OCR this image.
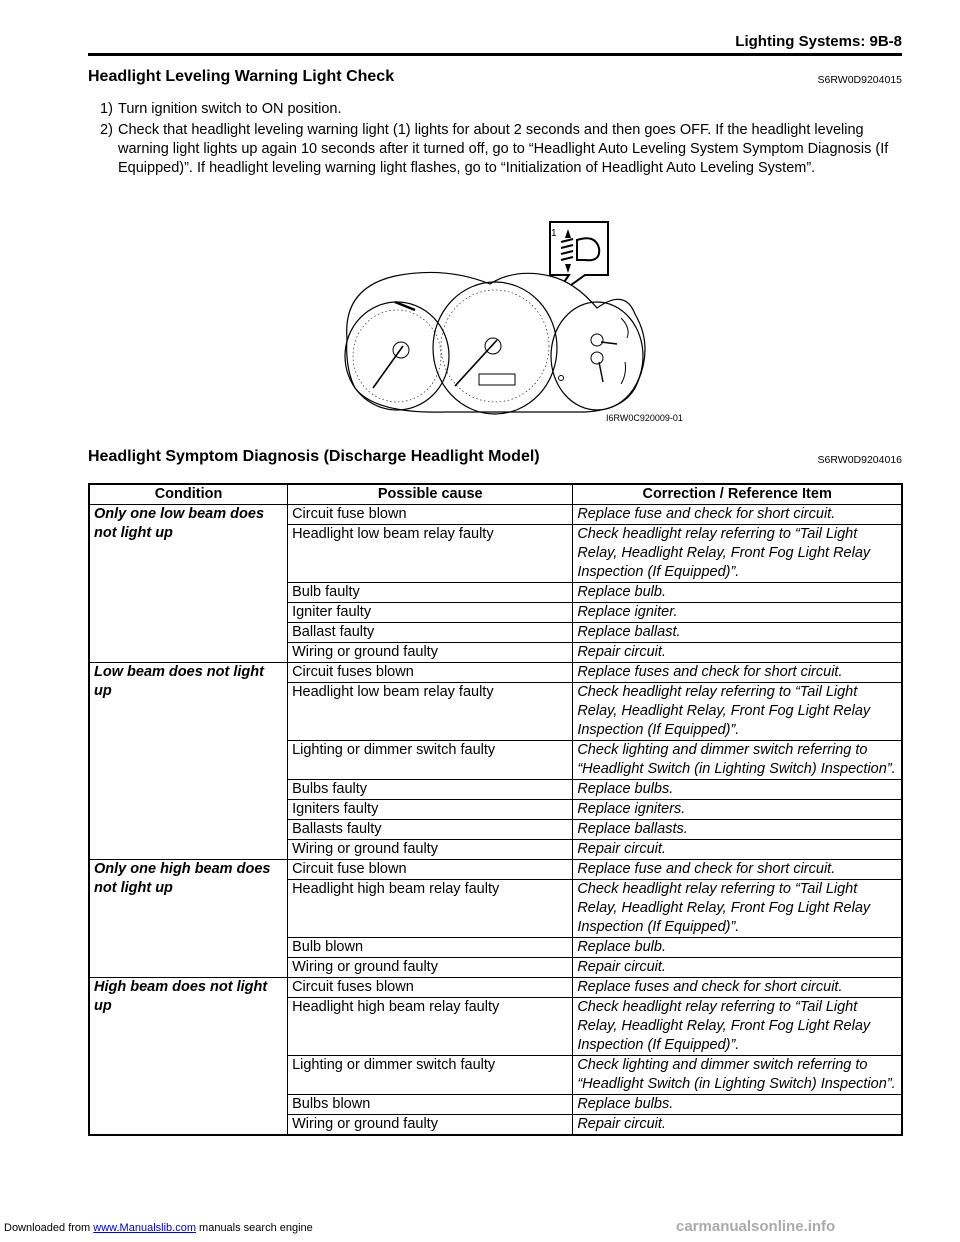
Lighting Systems: 9B-8
Headlight Leveling Warning Light Check	S6RW0D9204015
1) Turn ignition switch to ON position.
2) Check that headlight leveling warning light (1) lights for about 2 seconds and then goes OFF. If the headlight leveling warning light lights up again 10 seconds after it turned off, go to “Headlight Auto Leveling System Symptom Diagnosis (If Equipped)”. If headlight leveling warning light flashes, go to “Initialization of Headlight Auto Leveling System”.
1
I6RW0C920009-01
Headlight Symptom Diagnosis (Discharge Headlight Model)	S6RW0D9204016
Condition	Possible cause	Correction / Reference Item
Only one low beam does not light up	Circuit fuse blown	Replace fuse and check for short circuit.
	Headlight low beam relay faulty	Check headlight relay referring to “Tail Light Relay, Headlight Relay, Front Fog Light Relay Inspection (If Equipped)”.
	Bulb faulty	Replace bulb.
	Igniter faulty	Replace igniter.
	Ballast faulty	Replace ballast.
	Wiring or ground faulty	Repair circuit.
Low beam does not light up	Circuit fuses blown	Replace fuses and check for short circuit.
	Headlight low beam relay faulty	Check headlight relay referring to “Tail Light Relay, Headlight Relay, Front Fog Light Relay Inspection (If Equipped)”.
	Lighting or dimmer switch faulty	Check lighting and dimmer switch referring to “Headlight Switch (in Lighting Switch) Inspection”.
	Bulbs faulty	Replace bulbs.
	Igniters faulty	Replace igniters.
	Ballasts faulty	Replace ballasts.
	Wiring or ground faulty	Repair circuit.
Only one high beam does not light up	Circuit fuse blown	Replace fuse and check for short circuit.
	Headlight high beam relay faulty	Check headlight relay referring to “Tail Light Relay, Headlight Relay, Front Fog Light Relay Inspection (If Equipped)”.
	Bulb blown	Replace bulb.
	Wiring or ground faulty	Repair circuit.
High beam does not light up	Circuit fuses blown	Replace fuses and check for short circuit.
	Headlight high beam relay faulty	Check headlight relay referring to “Tail Light Relay, Headlight Relay, Front Fog Light Relay Inspection (If Equipped)”.
	Lighting or dimmer switch faulty	Check lighting and dimmer switch referring to “Headlight Switch (in Lighting Switch) Inspection”.
	Bulbs blown	Replace bulbs.
	Wiring or ground faulty	Repair circuit.
Downloaded from www.Manualslib.com manuals search engine	carmanualsonline.info
